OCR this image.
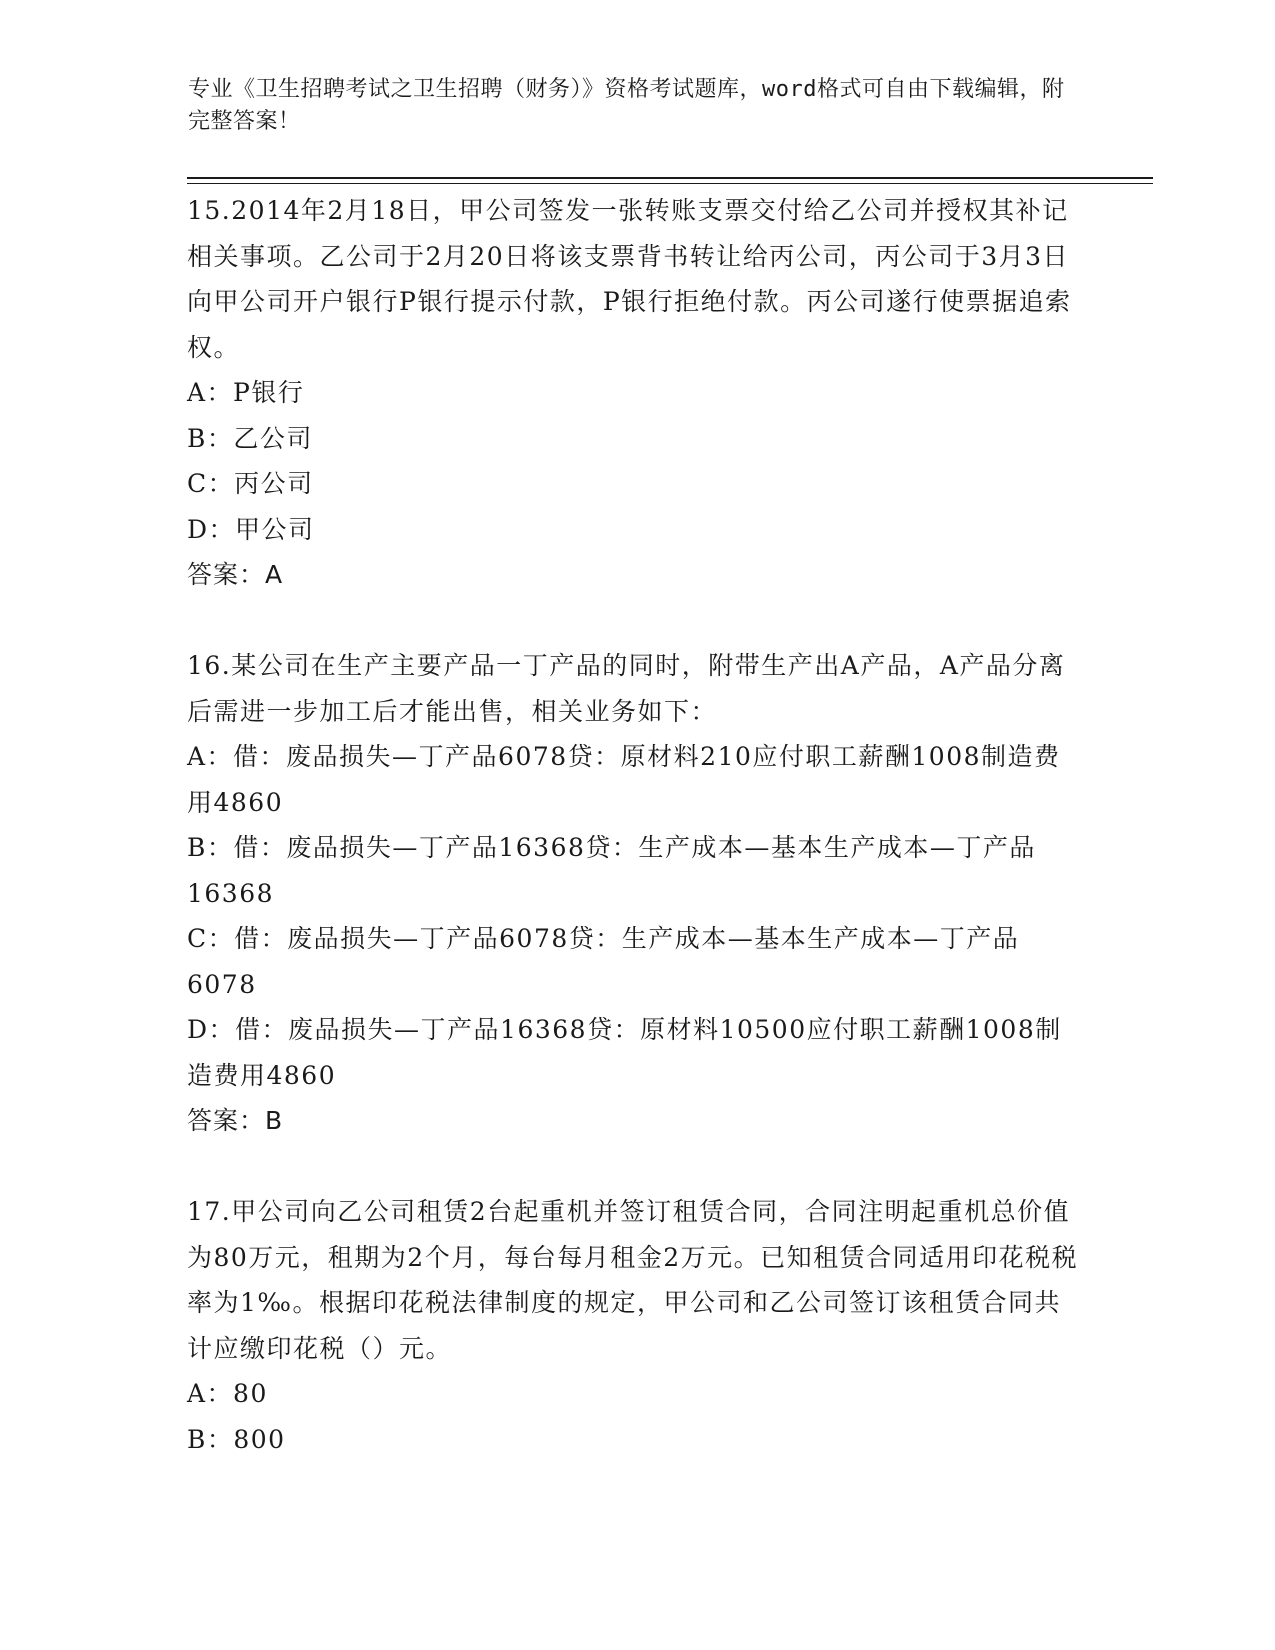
专业《卫生招聘考试之卫生招聘（财务）》资格考试题库，word格式可自由下载编辑，附完整答案！

15.2014年2月18日，甲公司签发一张转账支票交付给乙公司并授权其补记相关事项。乙公司于2月20日将该支票背书转让给丙公司，丙公司于3月3日向甲公司开户银行P银行提示付款，P银行拒绝付款。丙公司遂行使票据追索权。

A：P银行

B：乙公司

C：丙公司

D：甲公司

答案：A

16.某公司在生产主要产品一丁产品的同时，附带生产出A产品，A产品分离后需进一步加工后才能出售，相关业务如下：

A：借：废品损失—丁产品6078贷：原材料210应付职工薪酬1008制造费用4860

B：借：废品损失—丁产品16368贷：生产成本—基本生产成本—丁产品16368

C：借：废品损失—丁产品6078贷：生产成本—基本生产成本—丁产品6078

D：借：废品损失—丁产品16368贷：原材料10500应付职工薪酬1008制造费用4860

答案：B

17.甲公司向乙公司租赁2台起重机并签订租赁合同，合同注明起重机总价值为80万元，租期为2个月，每台每月租金2万元。已知租赁合同适用印花税税率为1‰。根据印花税法律制度的规定，甲公司和乙公司签订该租赁合同共计应缴印花税（）元。

A：80

B：800
